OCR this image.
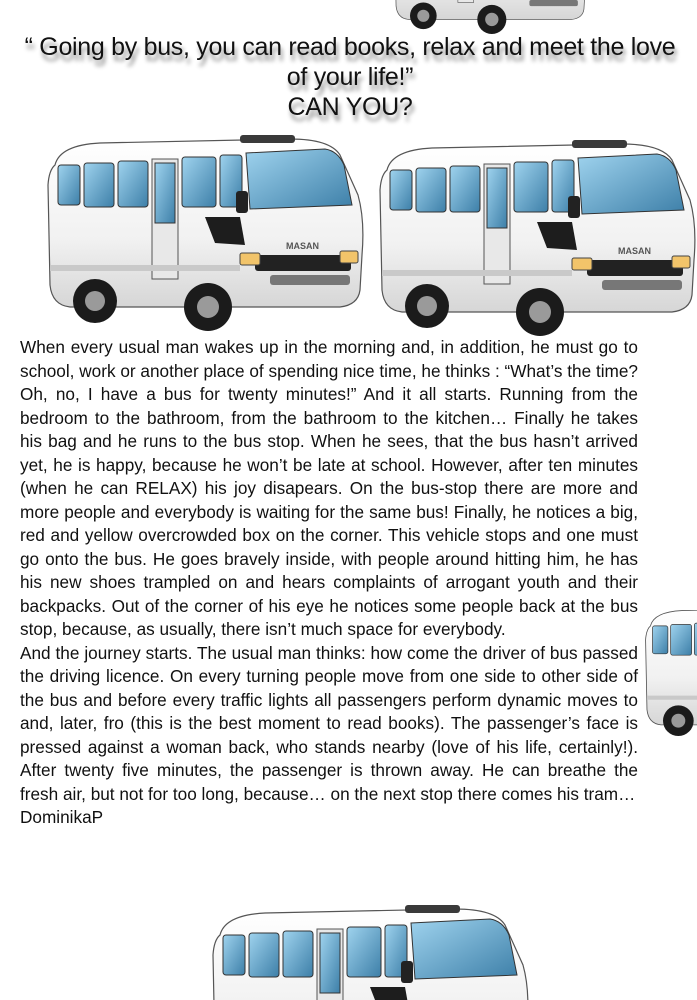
“ Going by bus, you can read books, relax and meet the love of your life!”
CAN YOU?
MASAN	MASAN

When every usual man wakes up in the morning and, in addition, he must go to school, work or another place of spending nice time, he thinks : “What’s the time? Oh, no, I have a bus for twenty minutes!” And it all starts. Running from the bedroom to the bathroom, from the bathroom to the kitchen… Finally he takes his bag and he runs to the bus stop. When he sees, that the bus hasn’t arrived yet, he is happy, because he won’t be late at school. However, after ten minutes (when he can RELAX) his joy disapears. On the bus-stop there are more and more people and everybody is waiting for the same bus! Finally, he notices a big, red and yellow overcrowded box on the corner. This vehicle stops and one must go onto the bus. He goes bravely inside, with people around hitting him, he has his new shoes trampled on and hears complaints of arrogant youth and their backpacks. Out of the corner of his eye he notices some people back at the bus stop, because, as usually, there isn’t much space for everybody.

And the journey starts. The usual man thinks: how come the driver of bus passed the driving licence. On every turning people move from one side to other side of the bus and before every traffic lights all passengers perform dynamic moves to and, later, fro (this is the best moment to read books). The passenger’s face is pressed against a woman back, who stands nearby (love of his life, certainly!). After twenty five minutes, the passenger is thrown away. He can breathe the fresh air, but not for too long, because… on the next stop there comes his tram…

DominikaP
